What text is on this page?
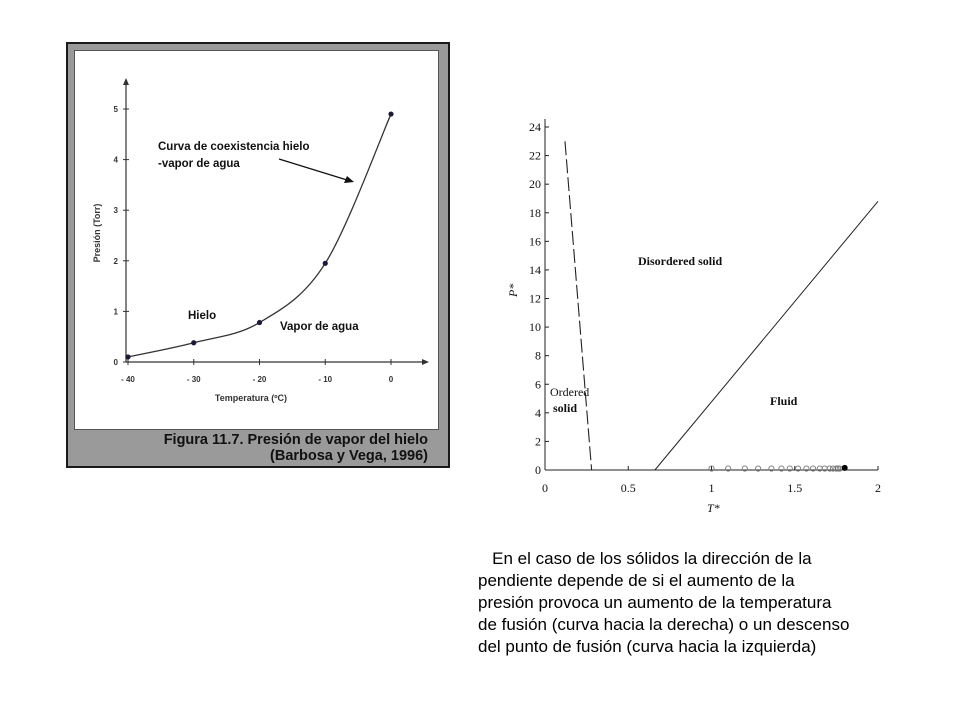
- 40	- 30	- 20	- 10	0
0
1
2
3
4
5
Curva de coexistencia hielo
-vapor de agua
Hielo
Vapor de agua
Temperatura (ºC)
Presión (Torr)
Figura 11.7. Presión de vapor del hielo
(Barbosa y Vega, 1996)
0	0.5	1	1.5	2
0
2
4
6
8
10
12
14
16
18
20
22
24
Disordered solid
Ordered
solid	Fluid
T*
P*
En el caso de los sólidos la dirección de la
pendiente depende de si el aumento de la
presión provoca un aumento de la temperatura
de fusión (curva hacia la derecha) o un descenso
del punto de fusión (curva hacia la izquierda)
